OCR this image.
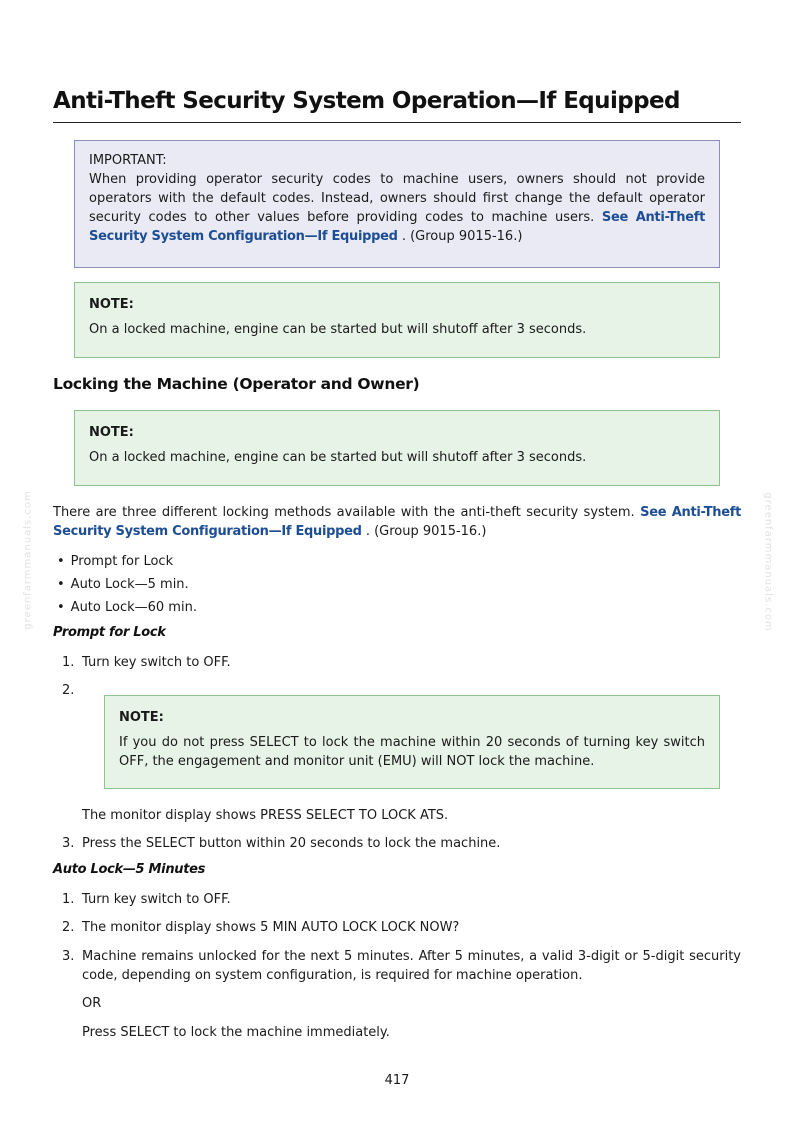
Anti-Theft Security System Operation—If Equipped
IMPORTANT:
When providing operator security codes to machine users, owners should not provide operators with the default codes. Instead, owners should first change the default operator security codes to other values before providing codes to machine users. See Anti-Theft Security System Configuration—If Equipped . (Group 9015-16.)
NOTE:
On a locked machine, engine can be started but will shutoff after 3 seconds.
Locking the Machine (Operator and Owner)
NOTE:
On a locked machine, engine can be started but will shutoff after 3 seconds.
There are three different locking methods available with the anti-theft security system. See Anti-Theft Security System Configuration—If Equipped . (Group 9015-16.)
• Prompt for Lock
• Auto Lock—5 min.
• Auto Lock—60 min.
Prompt for Lock
1. Turn key switch to OFF.
2.
NOTE:
If you do not press SELECT to lock the machine within 20 seconds of turning key switch OFF, the engagement and monitor unit (EMU) will NOT lock the machine.
The monitor display shows PRESS SELECT TO LOCK ATS.
3. Press the SELECT button within 20 seconds to lock the machine.
Auto Lock—5 Minutes
1. Turn key switch to OFF.
2. The monitor display shows 5 MIN AUTO LOCK LOCK NOW?
3. Machine remains unlocked for the next 5 minutes. After 5 minutes, a valid 3-digit or 5-digit security code, depending on system configuration, is required for machine operation.
OR
Press SELECT to lock the machine immediately.
greenfarmmanuals.com	greenfarmmanuals.com
417
